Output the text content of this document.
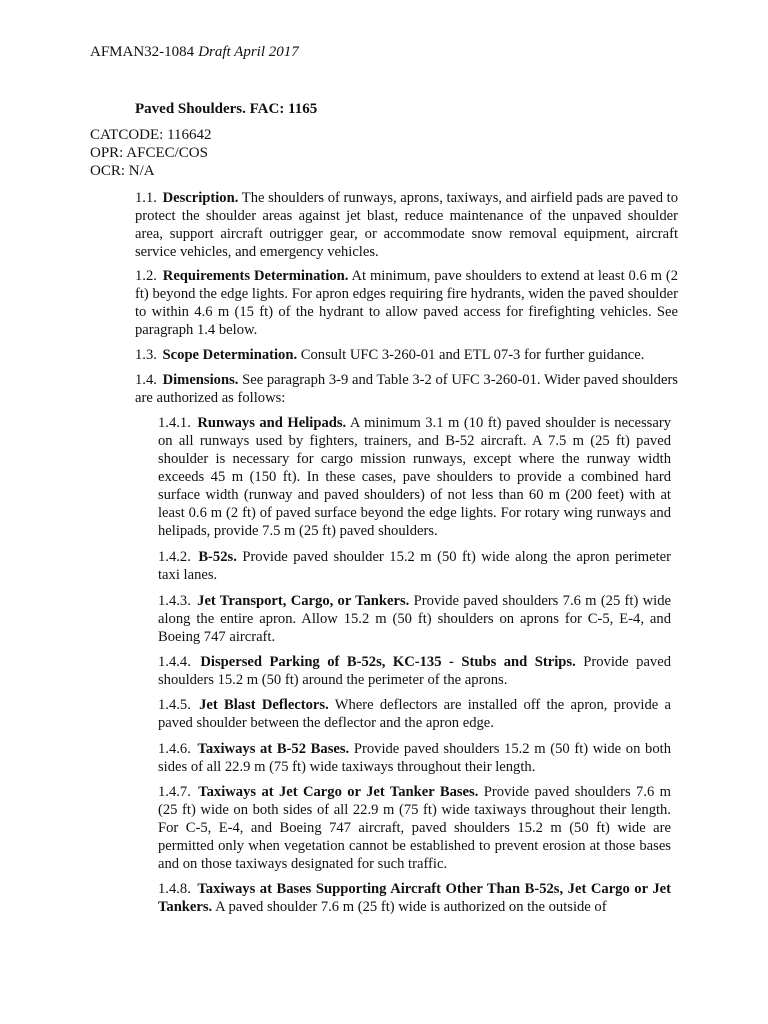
AFMAN32-1084 Draft April 2017
Paved Shoulders. FAC: 1165
CATCODE: 116642
OPR: AFCEC/COS
OCR: N/A
1.1. Description. The shoulders of runways, aprons, taxiways, and airfield pads are paved to protect the shoulder areas against jet blast, reduce maintenance of the unpaved shoulder area, support aircraft outrigger gear, or accommodate snow removal equipment, aircraft service vehicles, and emergency vehicles.
1.2. Requirements Determination. At minimum, pave shoulders to extend at least 0.6 m (2 ft) beyond the edge lights. For apron edges requiring fire hydrants, widen the paved shoulder to within 4.6 m (15 ft) of the hydrant to allow paved access for firefighting vehicles. See paragraph 1.4 below.
1.3. Scope Determination. Consult UFC 3-260-01 and ETL 07-3 for further guidance.
1.4. Dimensions. See paragraph 3-9 and Table 3-2 of UFC 3-260-01. Wider paved shoulders are authorized as follows:
1.4.1. Runways and Helipads. A minimum 3.1 m (10 ft) paved shoulder is necessary on all runways used by fighters, trainers, and B-52 aircraft. A 7.5 m (25 ft) paved shoulder is necessary for cargo mission runways, except where the runway width exceeds 45 m (150 ft). In these cases, pave shoulders to provide a combined hard surface width (runway and paved shoulders) of not less than 60 m (200 feet) with at least 0.6 m (2 ft) of paved surface beyond the edge lights. For rotary wing runways and helipads, provide 7.5 m (25 ft) paved shoulders.
1.4.2. B-52s. Provide paved shoulder 15.2 m (50 ft) wide along the apron perimeter taxi lanes.
1.4.3. Jet Transport, Cargo, or Tankers. Provide paved shoulders 7.6 m (25 ft) wide along the entire apron. Allow 15.2 m (50 ft) shoulders on aprons for C-5, E-4, and Boeing 747 aircraft.
1.4.4. Dispersed Parking of B-52s, KC-135 - Stubs and Strips. Provide paved shoulders 15.2 m (50 ft) around the perimeter of the aprons.
1.4.5. Jet Blast Deflectors. Where deflectors are installed off the apron, provide a paved shoulder between the deflector and the apron edge.
1.4.6. Taxiways at B-52 Bases. Provide paved shoulders 15.2 m (50 ft) wide on both sides of all 22.9 m (75 ft) wide taxiways throughout their length.
1.4.7. Taxiways at Jet Cargo or Jet Tanker Bases. Provide paved shoulders 7.6 m (25 ft) wide on both sides of all 22.9 m (75 ft) wide taxiways throughout their length. For C-5, E-4, and Boeing 747 aircraft, paved shoulders 15.2 m (50 ft) wide are permitted only when vegetation cannot be established to prevent erosion at those bases and on those taxiways designated for such traffic.
1.4.8. Taxiways at Bases Supporting Aircraft Other Than B-52s, Jet Cargo or Jet Tankers. A paved shoulder 7.6 m (25 ft) wide is authorized on the outside of
